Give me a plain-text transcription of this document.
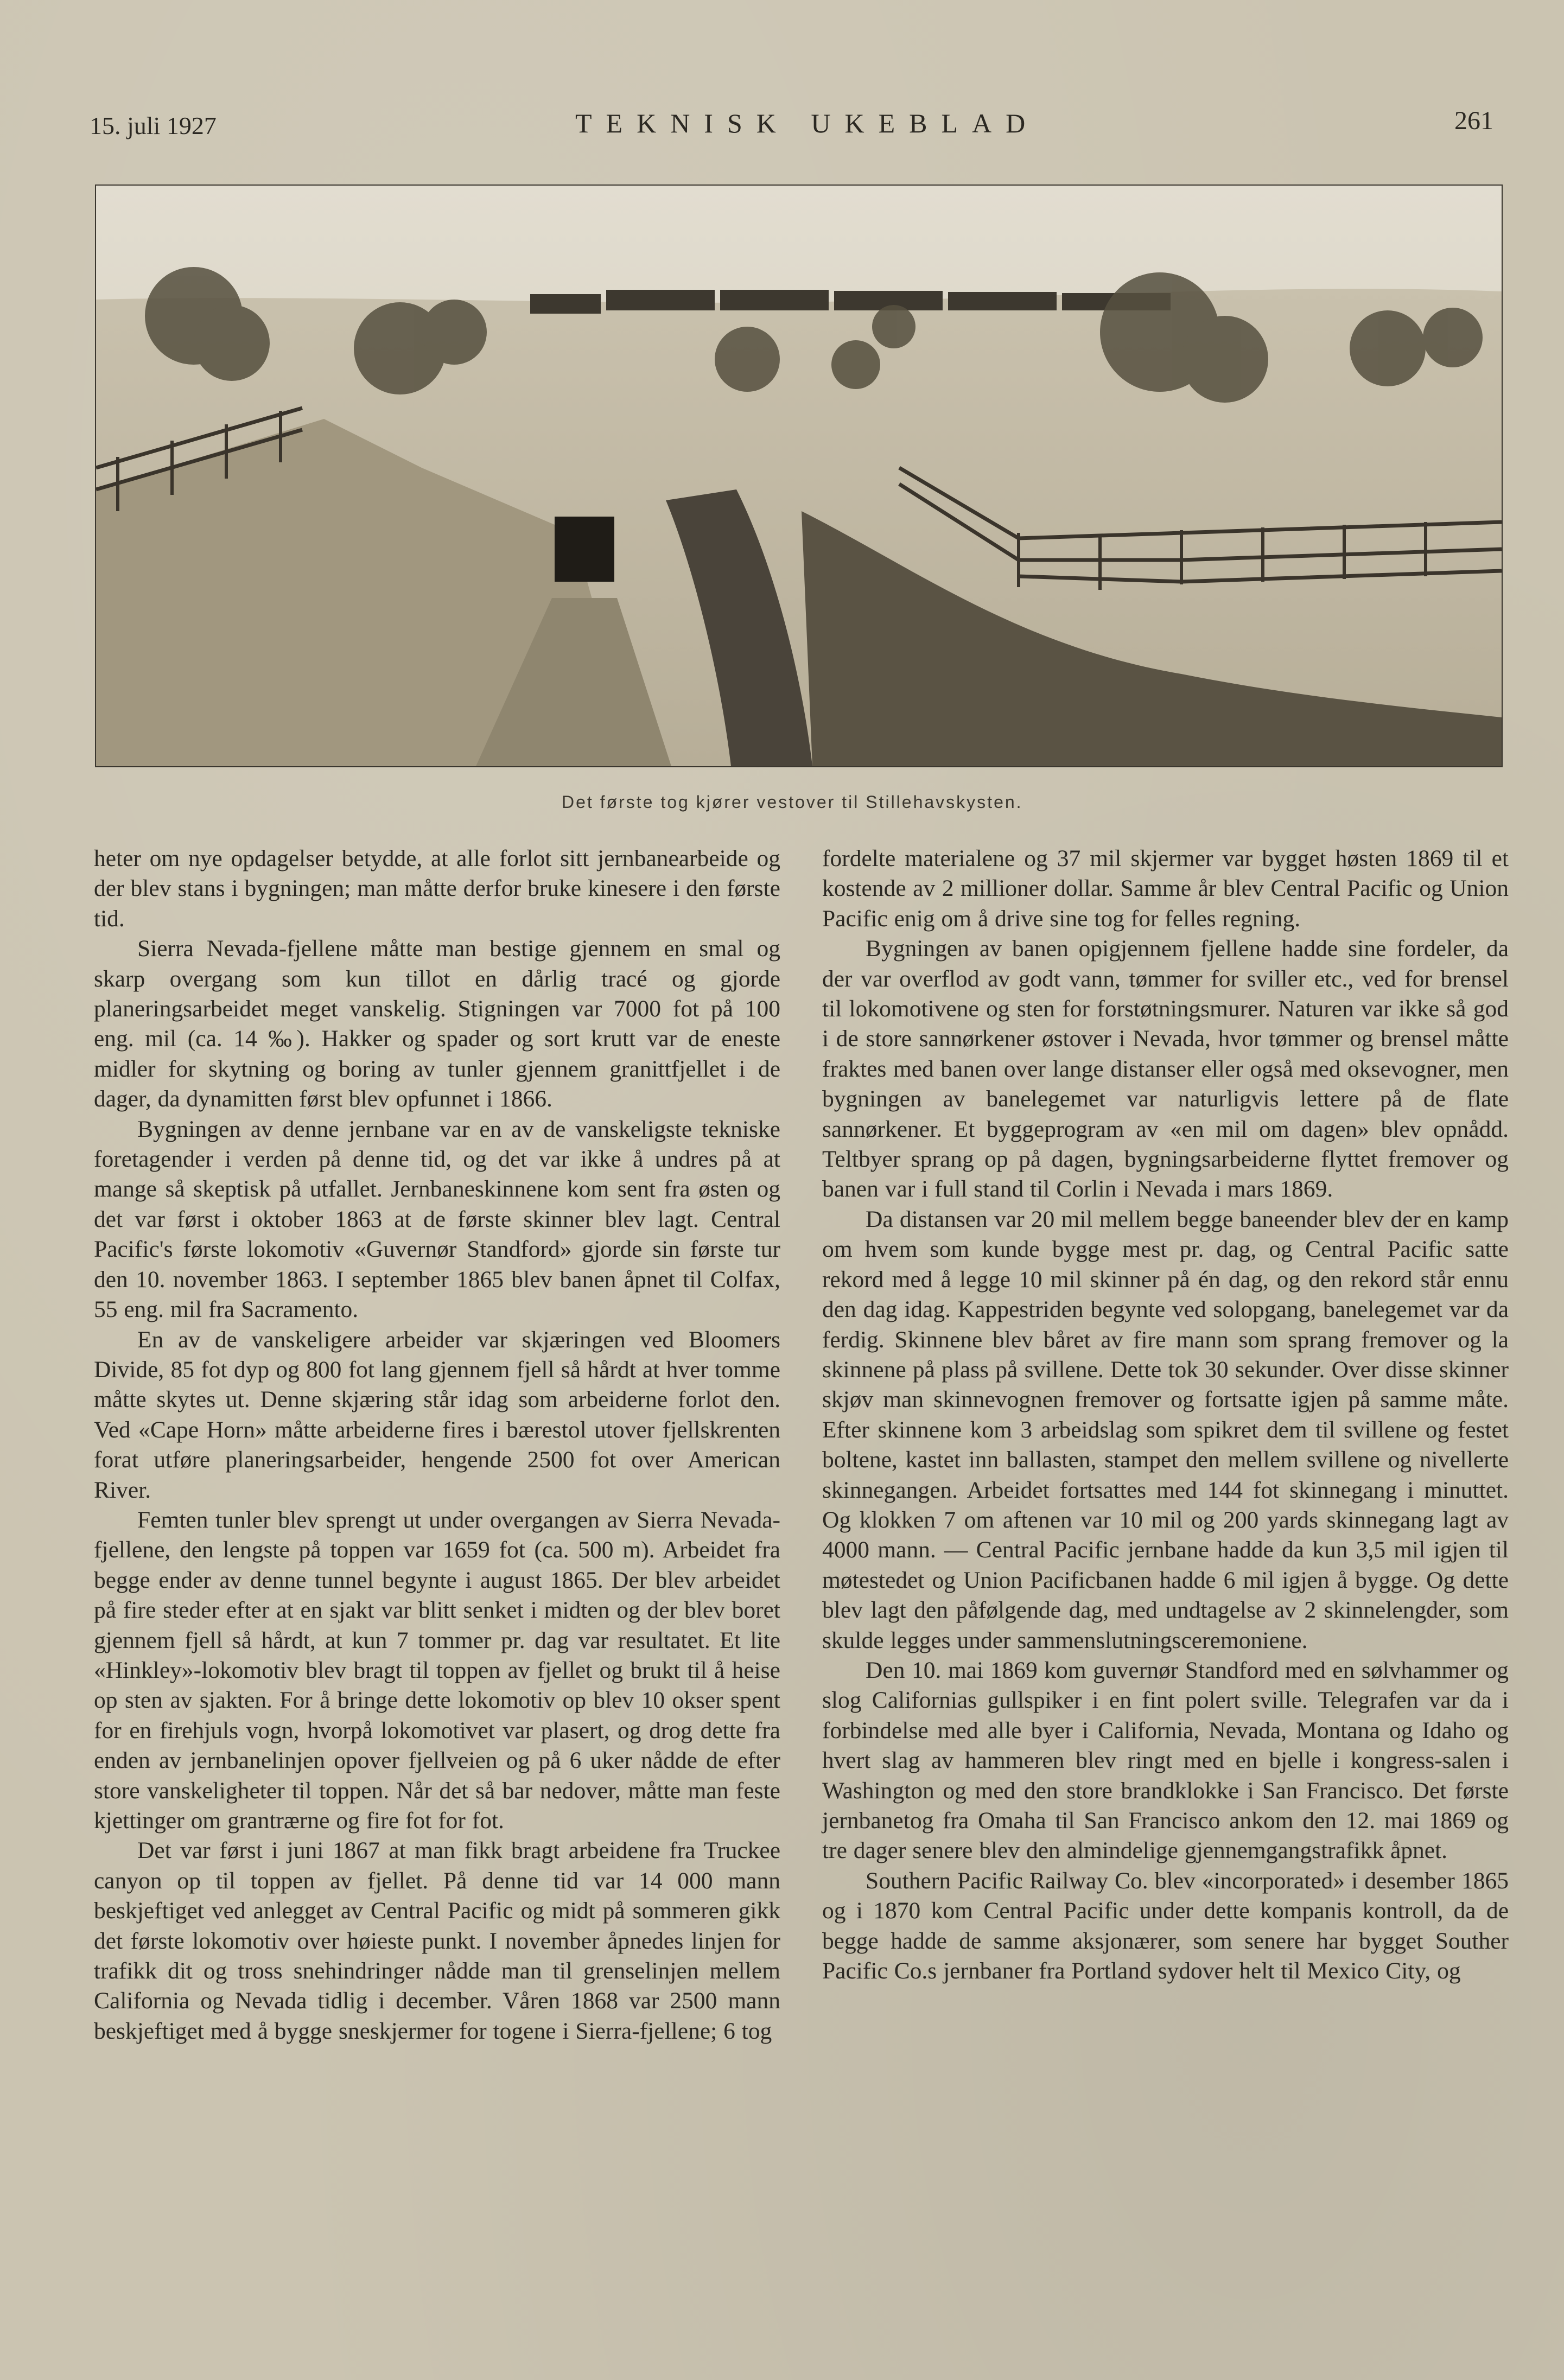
15. juli 1927	TEKNISK UKEBLAD	261
Det første tog kjører vestover til Stillehavskysten.

heter om nye opdagelser betydde, at alle forlot sitt jernbanearbeide og der blev stans i bygningen; man måtte derfor bruke kinesere i den første tid.

Sierra Nevada-fjellene måtte man bestige gjennem en smal og skarp overgang som kun tillot en dårlig tracé og gjorde planeringsarbeidet meget vanskelig. Stigningen var 7000 fot på 100 eng. mil (ca. 14 ‰). Hakker og spader og sort krutt var de eneste midler for skytning og boring av tunler gjennem granittfjellet i de dager, da dynamitten først blev opfunnet i 1866.

Bygningen av denne jernbane var en av de vanskeligste tekniske foretagender i verden på denne tid, og det var ikke å undres på at mange så skeptisk på utfallet. Jernbaneskinnene kom sent fra østen og det var først i oktober 1863 at de første skinner blev lagt. Central Pacific's første lokomotiv «Guvernør Standford» gjorde sin første tur den 10. november 1863. I september 1865 blev banen åpnet til Colfax, 55 eng. mil fra Sacramento.

En av de vanskeligere arbeider var skjæringen ved Bloomers Divide, 85 fot dyp og 800 fot lang gjennem fjell så hårdt at hver tomme måtte skytes ut. Denne skjæring står idag som arbeiderne forlot den. Ved «Cape Horn» måtte arbeiderne fires i bærestol utover fjellskrenten forat utføre planeringsarbeider, hengende 2500 fot over American River.

Femten tunler blev sprengt ut under overgangen av Sierra Nevada-fjellene, den lengste på toppen var 1659 fot (ca. 500 m). Arbeidet fra begge ender av denne tunnel begynte i august 1865. Der blev arbeidet på fire steder efter at en sjakt var blitt senket i midten og der blev boret gjennem fjell så hårdt, at kun 7 tommer pr. dag var resultatet. Et lite «Hinkley»-lokomotiv blev bragt til toppen av fjellet og brukt til å heise op sten av sjakten. For å bringe dette lokomotiv op blev 10 okser spent for en firehjuls vogn, hvorpå lokomotivet var plasert, og drog dette fra enden av jernbanelinjen opover fjellveien og på 6 uker nådde de efter store vanskeligheter til toppen. Når det så bar nedover, måtte man feste kjettinger om grantrærne og fire fot for fot.

Det var først i juni 1867 at man fikk bragt arbeidene fra Truckee canyon op til toppen av fjellet. På denne tid var 14 000 mann beskjeftiget ved anlegget av Central Pacific og midt på sommeren gikk det første lokomotiv over høieste punkt. I november åpnedes linjen for trafikk dit og tross snehindringer nådde man til grenselinjen mellem California og Nevada tidlig i december. Våren 1868 var 2500 mann beskjeftiget med å bygge sneskjermer for togene i Sierra-fjellene; 6 tog

fordelte materialene og 37 mil skjermer var bygget høsten 1869 til et kostende av 2 millioner dollar. Samme år blev Central Pacific og Union Pacific enig om å drive sine tog for felles regning.

Bygningen av banen opigjennem fjellene hadde sine fordeler, da der var overflod av godt vann, tømmer for sviller etc., ved for brensel til lokomotivene og sten for forstøtningsmurer. Naturen var ikke så god i de store sannørkener østover i Nevada, hvor tømmer og brensel måtte fraktes med banen over lange distanser eller også med oksevogner, men bygningen av banelegemet var naturligvis lettere på de flate sannørkener. Et byggeprogram av «en mil om dagen» blev opnådd. Teltbyer sprang op på dagen, bygningsarbeiderne flyttet fremover og banen var i full stand til Corlin i Nevada i mars 1869.

Da distansen var 20 mil mellem begge baneender blev der en kamp om hvem som kunde bygge mest pr. dag, og Central Pacific satte rekord med å legge 10 mil skinner på én dag, og den rekord står ennu den dag idag. Kappestriden begynte ved solopgang, banelegemet var da ferdig. Skinnene blev båret av fire mann som sprang fremover og la skinnene på plass på svillene. Dette tok 30 sekunder. Over disse skinner skjøv man skinnevognen fremover og fortsatte igjen på samme måte. Efter skinnene kom 3 arbeidslag som spikret dem til svillene og festet boltene, kastet inn ballasten, stampet den mellem svillene og nivellerte skinnegangen. Arbeidet fortsattes med 144 fot skinnegang i minuttet. Og klokken 7 om aftenen var 10 mil og 200 yards skinnegang lagt av 4000 mann. — Central Pacific jernbane hadde da kun 3,5 mil igjen til møtestedet og Union Pacificbanen hadde 6 mil igjen å bygge. Og dette blev lagt den påfølgende dag, med undtagelse av 2 skinnelengder, som skulde legges under sammenslutningsceremoniene.

Den 10. mai 1869 kom guvernør Standford med en sølvhammer og slog Californias gullspiker i en fint polert sville. Telegrafen var da i forbindelse med alle byer i California, Nevada, Montana og Idaho og hvert slag av hammeren blev ringt med en bjelle i kongress-salen i Washington og med den store brandklokke i San Francisco. Det første jernbanetog fra Omaha til San Francisco ankom den 12. mai 1869 og tre dager senere blev den almindelige gjennemgangstrafikk åpnet.

Southern Pacific Railway Co. blev «incorporated» i desember 1865 og i 1870 kom Central Pacific under dette kompanis kontroll, da de begge hadde de samme aksjonærer, som senere har bygget Souther Pacific Co.s jernbaner fra Portland sydover helt til Mexico City, og
